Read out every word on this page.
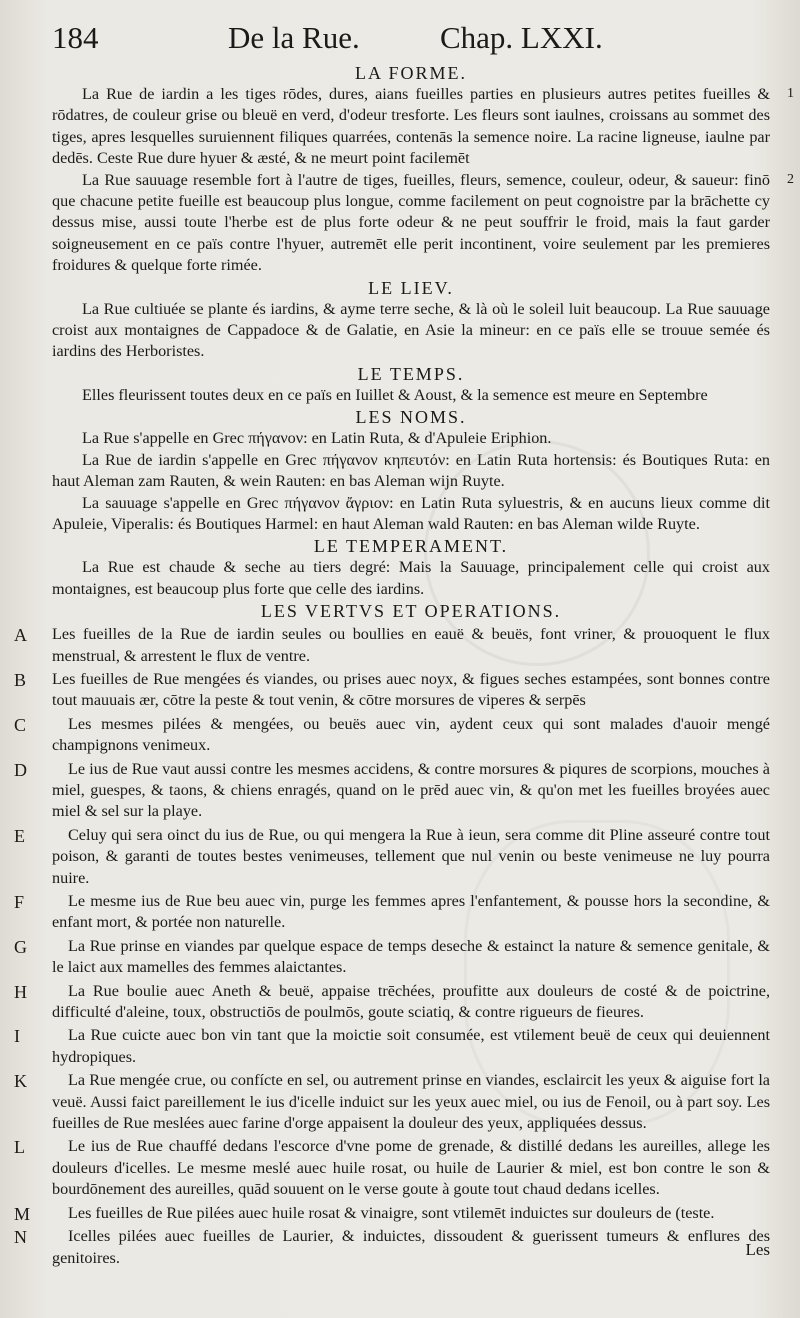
184	De la Rue.	Chap. LXXI.
LA FORME.

La Rue de iardin a les tiges rōdes, dures, aians fueilles parties en plusieurs autres petites fueilles & rōdatres, de couleur grise ou bleuë en verd, d'odeur tresforte. Les fleurs sont iaulnes, croissans au sommet des tiges, apres lesquelles suruiennent filiques quarrées, contenās la semence noire. La racine ligneuse, iaulne par dedēs. Ceste Rue dure hyuer & æsté, & ne meurt point facilemēt

1

La Rue sauuage resemble fort à l'autre de tiges, fueilles, fleurs, semence, couleur, odeur, & saueur: finō que chacune petite fueille est beaucoup plus longue, comme facilement on peut cognoistre par la brāchette cy dessus mise, aussi toute l'herbe est de plus forte odeur & ne peut souffrir le froid, mais la faut garder soigneusement en ce païs contre l'hyuer, autremēt elle perit incontinent, voire seulement par les premieres froidures & quelque forte rimée.

2
LE LIEV.

La Rue cultiuée se plante és iardins, & ayme terre seche, & là où le soleil luit beaucoup. La Rue sauuage croist aux montaignes de Cappadoce & de Galatie, en Asie la mineur: en ce païs elle se trouue semée és iardins des Herboristes.

LE TEMPS.

Elles fleurissent toutes deux en ce païs en Iuillet & Aoust, & la semence est meure en Septembre

LES NOMS.

La Rue s'appelle en Grec πήγανον: en Latin Ruta, & d'Apuleie Eriphion.

La Rue de iardin s'appelle en Grec πήγανον κηπευτόν: en Latin Ruta hortensis: és Boutiques Ruta: en haut Aleman zam Rauten, & wein Rauten: en bas Aleman wijn Ruyte.

La sauuage s'appelle en Grec πήγανον ἄγριον: en Latin Ruta syluestris, & en aucuns lieux comme dit Apuleie, Viperalis: és Boutiques Harmel: en haut Aleman wald Rauten: en bas Aleman wilde Ruyte.

LE TEMPERAMENT.

La Rue est chaude & seche au tiers degré: Mais la Sauuage, principalement celle qui croist aux montaignes, est beaucoup plus forte que celle des iardins.

LES VERTVS ET OPERATIONS.
A Les fueilles de la Rue de iardin seules ou boullies en eauë & beuës, font vriner, & prouoquent le flux menstrual, & arrestent le flux de ventre.

B Les fueilles de Rue mengées és viandes, ou prises auec noyx, & figues seches estampées, sont bonnes contre tout mauuais ær, cōtre la peste & tout venin, & cōtre morsures de viperes & serpēs

C	Les mesmes pilées & mengées, ou beuës auec vin, aydent ceux qui sont malades d'auoir mengé champignons venimeux.

D	Le ius de Rue vaut aussi contre les mesmes accidens, & contre morsures & piqures de scorpions, mouches à miel, guespes, & taons, & chiens enragés, quand on le prēd auec vin, & qu'on met les fueilles broyées auec miel & sel sur la playe.

E	Celuy qui sera oinct du ius de Rue, ou qui mengera la Rue à ieun, sera comme dit Pline asseuré contre tout poison, & garanti de toutes bestes venimeuses, tellement que nul venin ou beste venimeuse ne luy pourra nuire.

F	Le mesme ius de Rue beu auec vin, purge les femmes apres l'enfantement, & pousse hors la secondine, & enfant mort, & portée non naturelle.

G	La Rue prinse en viandes par quelque espace de temps deseche & estainct la nature & semence genitale, & le laict aux mamelles des femmes alaictantes.

H	La Rue boulie auec Aneth & beuë, appaise trēchées, proufitte aux douleurs de costé & de poictrine, difficulté d'aleine, toux, obstructiōs de poulmōs, goute sciatiq, & contre rigueurs de fieures.

I	La Rue cuicte auec bon vin tant que la moictie soit consumée, est vtilement beuë de ceux qui deuiennent hydropiques.

K	La Rue mengée crue, ou confícte en sel, ou autrement prinse en viandes, esclaircit les yeux & aiguise fort la veuë. Aussi faict pareillement le ius d'icelle induict sur les yeux auec miel, ou ius de Fenoil, ou à part soy. Les fueilles de Rue meslées auec farine d'orge appaisent la douleur des yeux, appliquées dessus.

L	Le ius de Rue chauffé dedans l'escorce d'vne pome de grenade, & distillé dedans les aureilles, allege les douleurs d'icelles. Le mesme meslé auec huile rosat, ou huile de Laurier & miel, est bon contre le son & bourdōnement des aureilles, quād souuent on le verse goute à goute tout chaud dedans icelles.

M	Les fueilles de Rue pilées auec huile rosat & vinaigre, sont vtilemēt induictes sur douleurs de (teste.

N	Icelles pilées auec fueilles de Laurier, & induictes, dissoudent & guerissent tumeurs & enflures des genitoires.	Les
